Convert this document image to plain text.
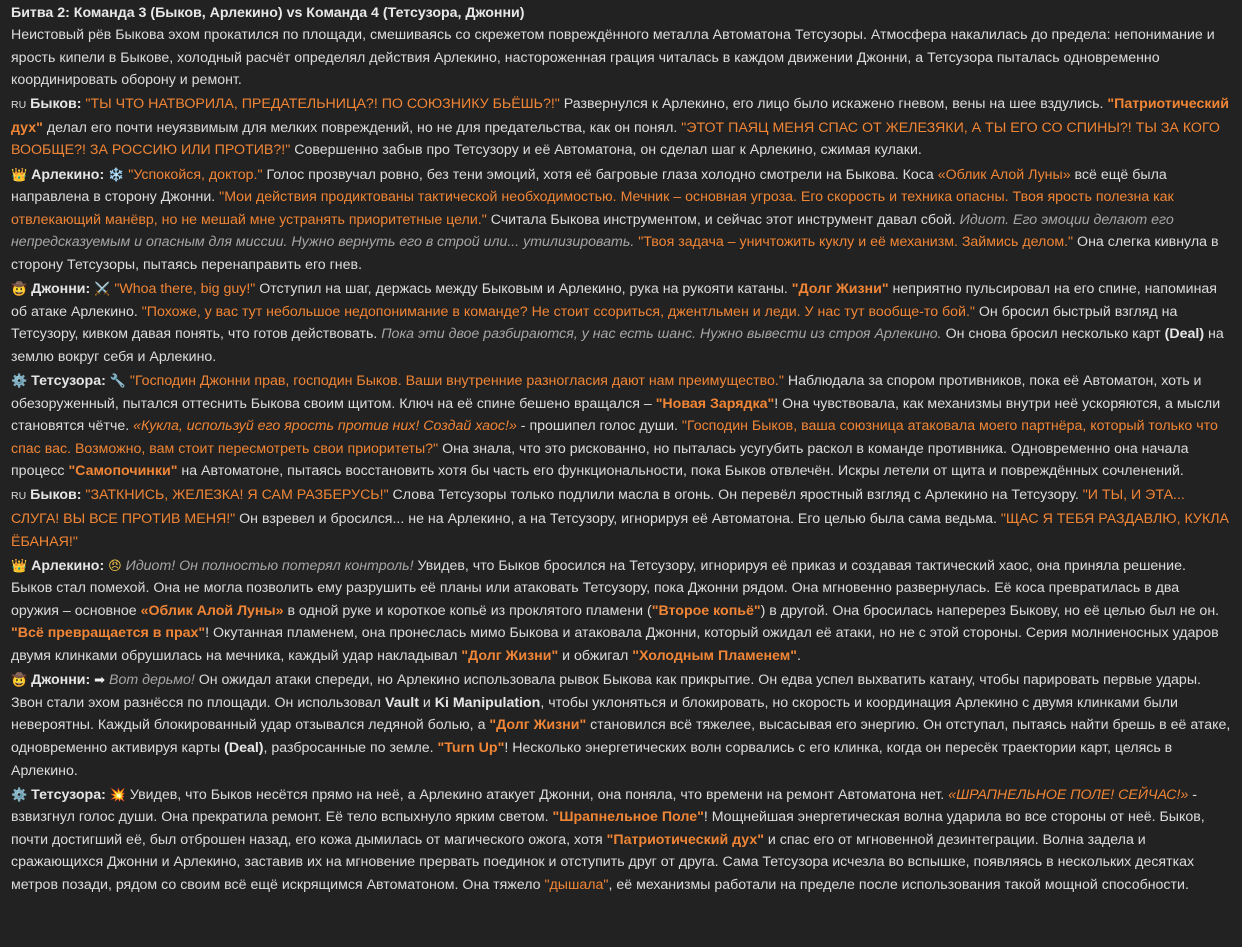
Битва 2: Команда 3 (Быков, Арлекино) vs Команда 4 (Тетсузора, Джонни)

Неистовый рёв Быкова эхом прокатился по площади, смешиваясь со скрежетом повреждённого металла Автоматона Тетсузоры. Атмосфера накалилась до предела: непонимание и ярость кипели в Быкове, холодный расчёт определял действия Арлекино, настороженная грация читалась в каждом движении Джонни, а Тетсузора пыталась одновременно координировать оборону и ремонт.

RU Быков: "ТЫ ЧТО НАТВОРИЛА, ПРЕДАТЕЛЬНИЦА?! ПО СОЮЗНИКУ БЬЁШЬ?!" Развернулся к Арлекино, его лицо было искажено гневом, вены на шее вздулись. "Патриотический дух" делал его почти неуязвимым для мелких повреждений, но не для предательства, как он понял. "ЭТОТ ПАЯЦ МЕНЯ СПАС ОТ ЖЕЛЕЗЯКИ, А ТЫ ЕГО СО СПИНЫ?! ТЫ ЗА КОГО ВООБЩЕ?! ЗА РОССИЮ ИЛИ ПРОТИВ?!" Совершенно забыв про Тетсузору и её Автоматона, он сделал шаг к Арлекино, сжимая кулаки.

👑 Арлекино: ❄️ "Успокойся, доктор." Голос прозвучал ровно, без тени эмоций, хотя её багровые глаза холодно смотрели на Быкова. Коса «Облик Алой Луны» всё ещё была направлена в сторону Джонни. "Мои действия продиктованы тактической необходимостью. Мечник – основная угроза. Его скорость и техника опасны. Твоя ярость полезна как отвлекающий манёвр, но не мешай мне устранять приоритетные цели." Считала Быкова инструментом, и сейчас этот инструмент давал сбой. Идиот. Его эмоции делают его непредсказуемым и опасным для миссии. Нужно вернуть его в строй или... утилизировать. "Твоя задача – уничтожить куклу и её механизм. Займись делом." Она слегка кивнула в сторону Тетсузоры, пытаясь перенаправить его гнев.

🤠 Джонни: ⚔️ "Whoa there, big guy!" Отступил на шаг, держась между Быковым и Арлекино, рука на рукояти катаны. "Долг Жизни" неприятно пульсировал на его спине, напоминая об атаке Арлекино. "Похоже, у вас тут небольшое недопонимание в команде? Не стоит ссориться, джентльмен и леди. У нас тут вообще-то бой." Он бросил быстрый взгляд на Тетсузору, кивком давая понять, что готов действовать. Пока эти двое разбираются, у нас есть шанс. Нужно вывести из строя Арлекино. Он снова бросил несколько карт (Deal) на землю вокруг себя и Арлекино.

⚙️ Тетсузора: 🔧 "Господин Джонни прав, господин Быков. Ваши внутренние разногласия дают нам преимущество." Наблюдала за спором противников, пока её Автоматон, хоть и обезоруженный, пытался оттеснить Быкова своим щитом. Ключ на её спине бешено вращался – "Новая Зарядка"! Она чувствовала, как механизмы внутри неё ускоряются, а мысли становятся чётче. «Кукла, используй его ярость против них! Создай хаос!» - прошипел голос души. "Господин Быков, ваша союзница атаковала моего партнёра, который только что спас вас. Возможно, вам стоит пересмотреть свои приоритеты?" Она знала, что это рискованно, но пыталась усугубить раскол в команде противника. Одновременно она начала процесс "Самопочинки" на Автоматоне, пытаясь восстановить хотя бы часть его функциональности, пока Быков отвлечён. Искры летели от щита и повреждённых сочленений.

RU Быков: "ЗАТКНИСЬ, ЖЕЛЕЗКА! Я САМ РАЗБЕРУСЬ!" Слова Тетсузоры только подлили масла в огонь. Он перевёл яростный взгляд с Арлекино на Тетсузору. "И ТЫ, И ЭТА... СЛУГА! ВЫ ВСЕ ПРОТИВ МЕНЯ!" Он взревел и бросился... не на Арлекино, а на Тетсузору, игнорируя её Автоматона. Его целью была сама ведьма. "ЩАС Я ТЕБЯ РАЗДАВЛЮ, КУКЛА ЁБАНАЯ!"

👑 Арлекино: 😠 Идиот! Он полностью потерял контроль! Увидев, что Быков бросился на Тетсузору, игнорируя её приказ и создавая тактический хаос, она приняла решение. Быков стал помехой. Она не могла позволить ему разрушить её планы или атаковать Тетсузору, пока Джонни рядом. Она мгновенно развернулась. Её коса превратилась в два оружия – основное «Облик Алой Луны» в одной руке и короткое копьё из проклятого пламени ("Второе копьё") в другой. Она бросилась наперерез Быкову, но её целью был не он. "Всё превращается в прах"! Окутанная пламенем, она пронеслась мимо Быкова и атаковала Джонни, который ожидал её атаки, но не с этой стороны. Серия молниеносных ударов двумя клинками обрушилась на мечника, каждый удар накладывал "Долг Жизни" и обжигал "Холодным Пламенем".

🤠 Джонни: ➡ Вот дерьмо! Он ожидал атаки спереди, но Арлекино использовала рывок Быкова как прикрытие. Он едва успел выхватить катану, чтобы парировать первые удары. Звон стали эхом разнёсся по площади. Он использовал Vault и Ki Manipulation, чтобы уклоняться и блокировать, но скорость и координация Арлекино с двумя клинками были невероятны. Каждый блокированный удар отзывался ледяной болью, а "Долг Жизни" становился всё тяжелее, высасывая его энергию. Он отступал, пытаясь найти брешь в её атаке, одновременно активируя карты (Deal), разбросанные по земле. "Turn Up"! Несколько энергетических волн сорвались с его клинка, когда он пересёк траектории карт, целясь в Арлекино.

⚙️ Тетсузора: 💥 Увидев, что Быков несётся прямо на неё, а Арлекино атакует Джонни, она поняла, что времени на ремонт Автоматона нет. «ШРАПНЕЛЬНОЕ ПОЛЕ! СЕЙЧАС!» - взвизгнул голос души. Она прекратила ремонт. Её тело вспыхнуло ярким светом. "Шрапнельное Поле"! Мощнейшая энергетическая волна ударила во все стороны от неё. Быков, почти достигший её, был отброшен назад, его кожа дымилась от магического ожога, хотя "Патриотический дух" и спас его от мгновенной дезинтеграции. Волна задела и сражающихся Джонни и Арлекино, заставив их на мгновение прервать поединок и отступить друг от друга. Сама Тетсузора исчезла во вспышке, появляясь в нескольких десятках метров позади, рядом со своим всё ещё искрящимся Автоматоном. Она тяжело "дышала", её механизмы работали на пределе после использования такой мощной способности.
